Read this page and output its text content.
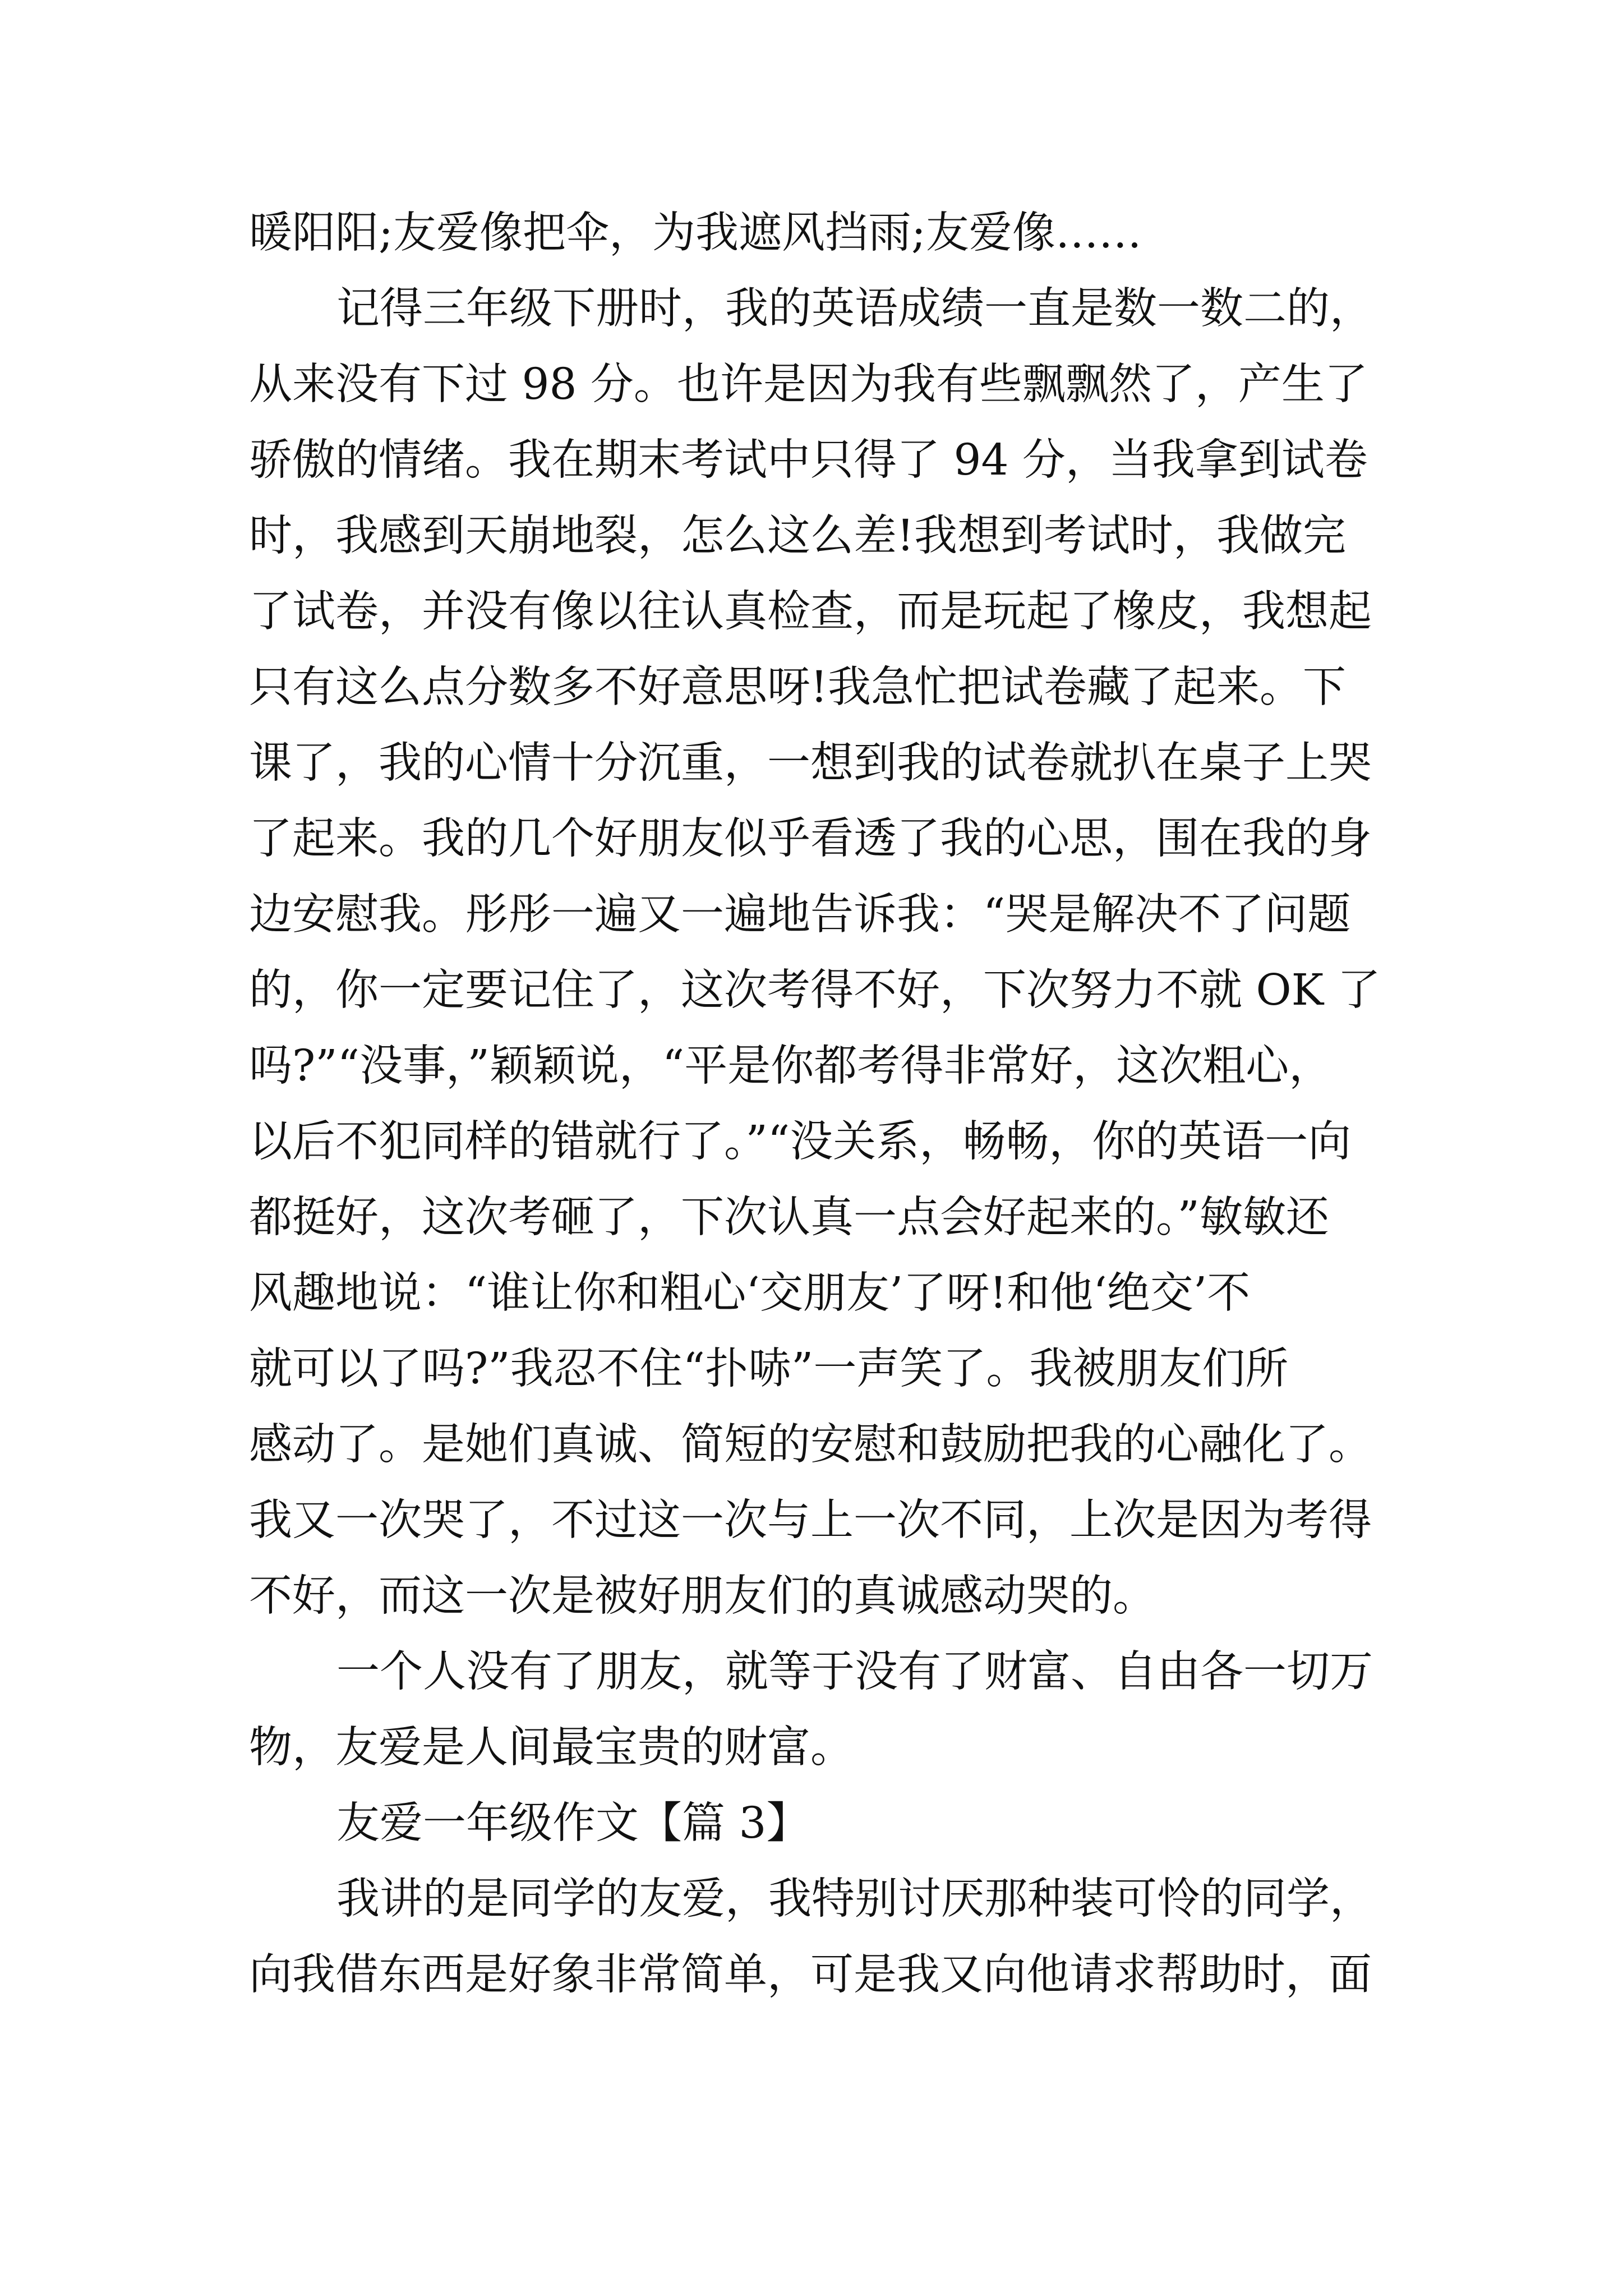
暖阳阳;友爱像把伞，为我遮风挡雨;友爱像……
记得三年级下册时，我的英语成绩一直是数一数二的，
从来没有下过 98 分。也许是因为我有些飘飘然了，产生了
骄傲的情绪。我在期末考试中只得了 94 分，当我拿到试卷
时，我感到天崩地裂，怎么这么差!我想到考试时，我做完
了试卷，并没有像以往认真检查，而是玩起了橡皮，我想起
只有这么点分数多不好意思呀!我急忙把试卷藏了起来。下
课了，我的心情十分沉重，一想到我的试卷就扒在桌子上哭
了起来。我的几个好朋友似乎看透了我的心思，围在我的身
边安慰我。彤彤一遍又一遍地告诉我：“哭是解决不了问题
的，你一定要记住了，这次考得不好，下次努力不就 OK 了
吗?”“没事，”颖颖说，“平是你都考得非常好，这次粗心，
以后不犯同样的错就行了。”“没关系，畅畅，你的英语一向
都挺好，这次考砸了，下次认真一点会好起来的。”敏敏还
风趣地说：“谁让你和粗心‘交朋友’了呀!和他‘绝交’不
就可以了吗?”我忍不住“扑哧”一声笑了。我被朋友们所
感动了。是她们真诚、简短的安慰和鼓励把我的心融化了。
我又一次哭了，不过这一次与上一次不同，上次是因为考得
不好，而这一次是被好朋友们的真诚感动哭的。
一个人没有了朋友，就等于没有了财富、自由各一切万
物，友爱是人间最宝贵的财富。
友爱一年级作文【篇 3】
我讲的是同学的友爱，我特别讨厌那种装可怜的同学，
向我借东西是好象非常简单，可是我又向他请求帮助时，面
